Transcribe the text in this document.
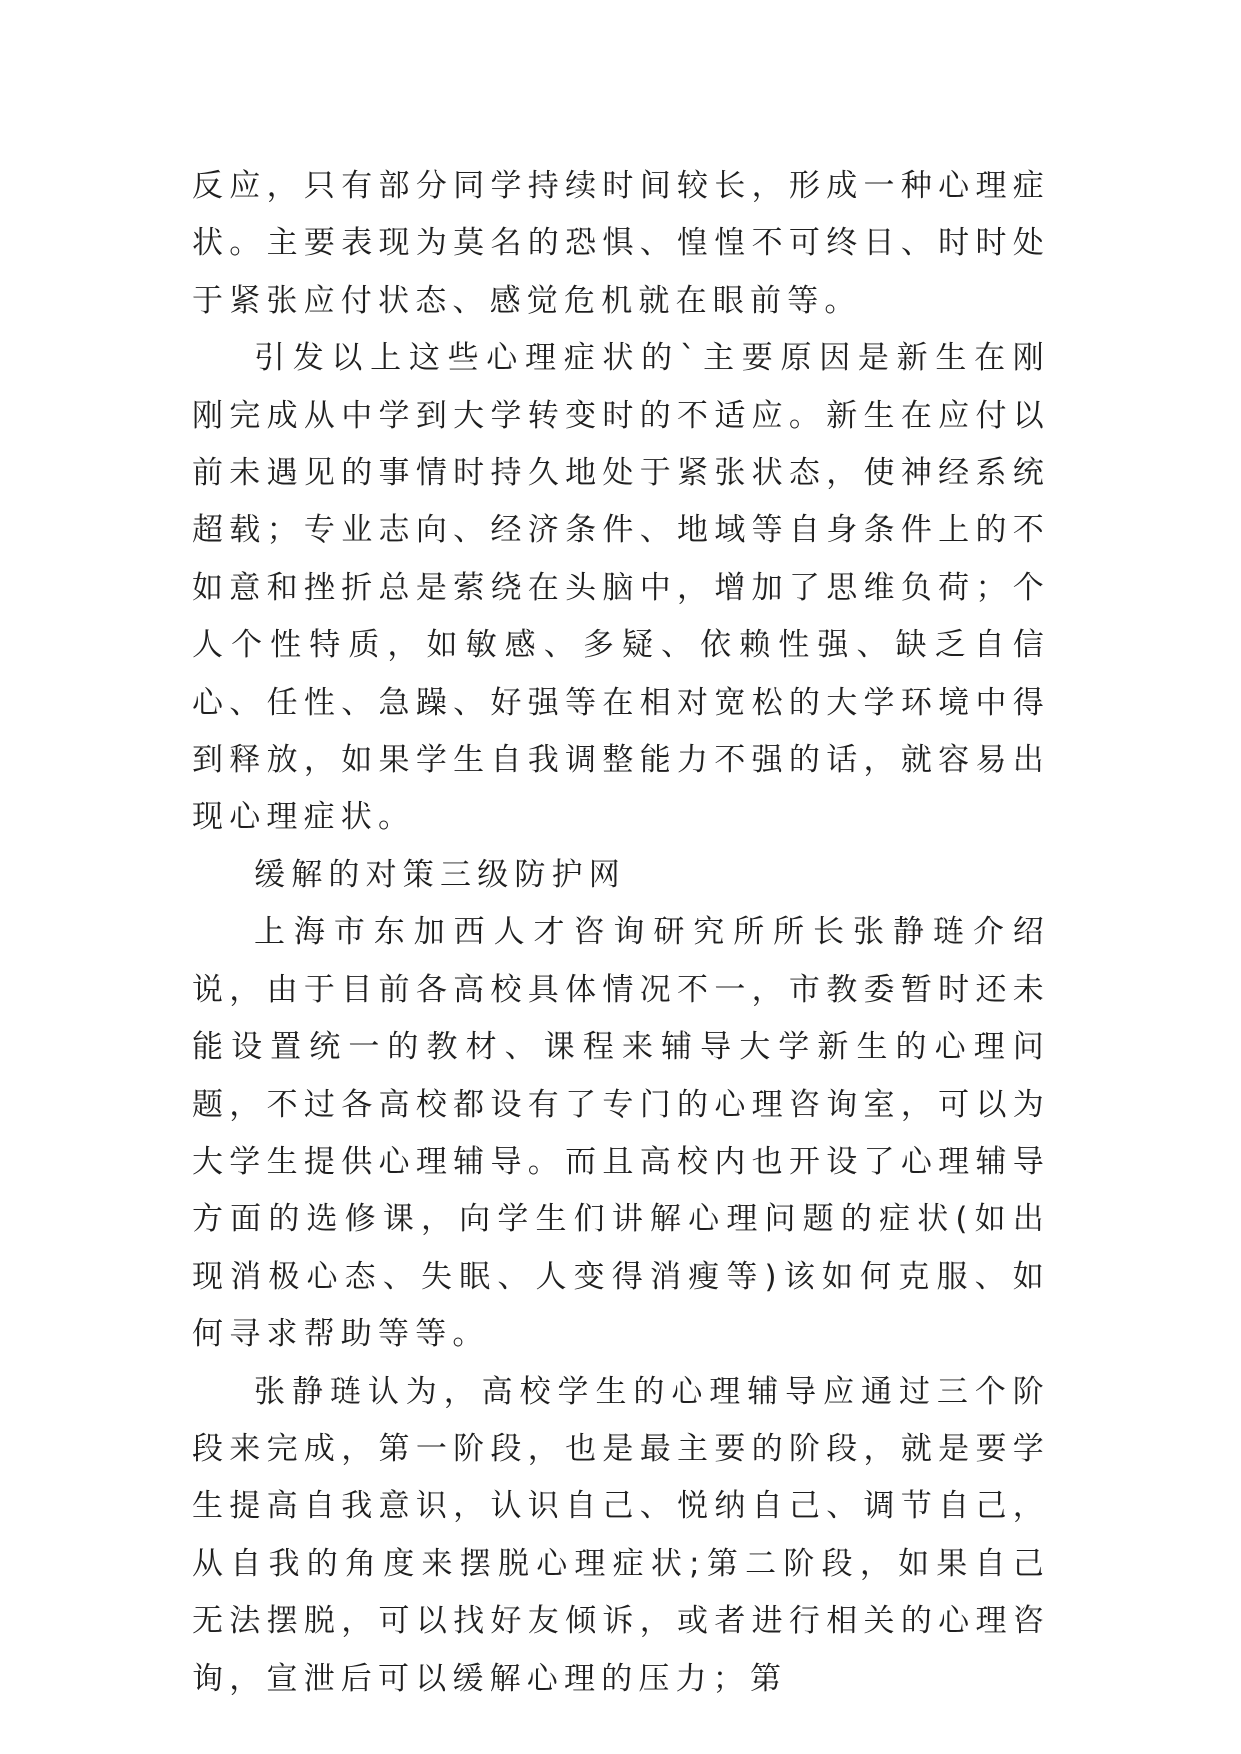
反应，只有部分同学持续时间较长，形成一种心理症状。主要表现为莫名的恐惧、惶惶不可终日、时时处于紧张应付状态、感觉危机就在眼前等。

引发以上这些心理症状的`主要原因是新生在刚刚完成从中学到大学转变时的不适应。新生在应付以前未遇见的事情时持久地处于紧张状态，使神经系统超载；专业志向、经济条件、地域等自身条件上的不如意和挫折总是萦绕在头脑中，增加了思维负荷；个人个性特质，如敏感、多疑、依赖性强、缺乏自信心、任性、急躁、好强等在相对宽松的大学环境中得到释放，如果学生自我调整能力不强的话，就容易出现心理症状。

缓解的对策三级防护网

上海市东加西人才咨询研究所所长张静琏介绍说，由于目前各高校具体情况不一，市教委暂时还未能设置统一的教材、课程来辅导大学新生的心理问题，不过各高校都设有了专门的心理咨询室，可以为大学生提供心理辅导。而且高校内也开设了心理辅导方面的选修课，向学生们讲解心理问题的症状(如出现消极心态、失眠、人变得消瘦等)该如何克服、如何寻求帮助等等。

张静琏认为，高校学生的心理辅导应通过三个阶段来完成，第一阶段，也是最主要的阶段，就是要学生提高自我意识，认识自己、悦纳自己、调节自己，从自我的角度来摆脱心理症状;第二阶段，如果自己无法摆脱，可以找好友倾诉，或者进行相关的心理咨询，宣泄后可以缓解心理的压力；第
